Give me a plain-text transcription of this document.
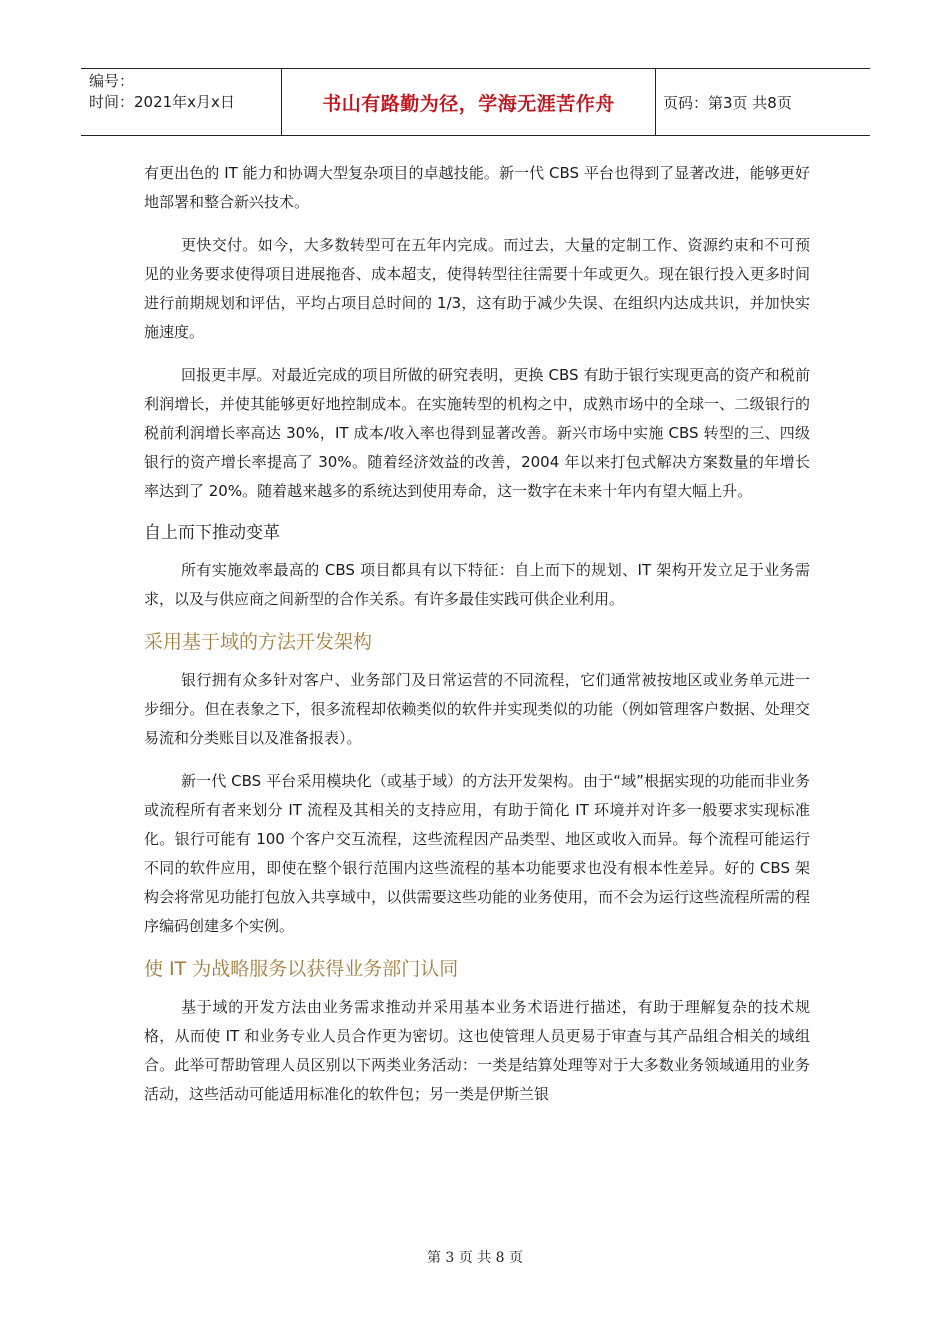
编号：
时间：2021年x月x日	书山有路勤为径，学海无涯苦作舟	页码：第3页 共8页

有更出色的 IT 能力和协调大型复杂项目的卓越技能。新一代 CBS 平台也得到了显著改进，能够更好地部署和整合新兴技术。

更快交付。如今，大多数转型可在五年内完成。而过去，大量的定制工作、资源约束和不可预见的业务要求使得项目进展拖沓、成本超支，使得转型往往需要十年或更久。现在银行投入更多时间进行前期规划和评估，平均占项目总时间的 1/3，这有助于减少失误、在组织内达成共识，并加快实施速度。

回报更丰厚。对最近完成的项目所做的研究表明，更换 CBS 有助于银行实现更高的资产和税前利润增长，并使其能够更好地控制成本。在实施转型的机构之中，成熟市场中的全球一、二级银行的税前利润增长率高达 30%，IT 成本/收入率也得到显著改善。新兴市场中实施 CBS 转型的三、四级银行的资产增长率提高了 30%。随着经济效益的改善，2004 年以来打包式解决方案数量的年增长率达到了 20%。随着越来越多的系统达到使用寿命，这一数字在未来十年内有望大幅上升。

自上而下推动变革

所有实施效率最高的 CBS 项目都具有以下特征：自上而下的规划、IT 架构开发立足于业务需求，以及与供应商之间新型的合作关系。有许多最佳实践可供企业利用。

采用基于域的方法开发架构

银行拥有众多针对客户、业务部门及日常运营的不同流程，它们通常被按地区或业务单元进一步细分。但在表象之下，很多流程却依赖类似的软件并实现类似的功能（例如管理客户数据、处理交易流和分类账目以及准备报表）。

新一代 CBS 平台采用模块化（或基于域）的方法开发架构。由于“域”根据实现的功能而非业务或流程所有者来划分 IT 流程及其相关的支持应用，有助于简化 IT 环境并对许多一般要求实现标准化。银行可能有 100 个客户交互流程，这些流程因产品类型、地区或收入而异。每个流程可能运行不同的软件应用，即使在整个银行范围内这些流程的基本功能要求也没有根本性差异。好的 CBS 架构会将常见功能打包放入共享域中，以供需要这些功能的业务使用，而不会为运行这些流程所需的程序编码创建多个实例。

使 IT 为战略服务以获得业务部门认同

基于域的开发方法由业务需求推动并采用基本业务术语进行描述，有助于理解复杂的技术规格，从而使 IT 和业务专业人员合作更为密切。这也使管理人员更易于审查与其产品组合相关的域组合。此举可帮助管理人员区别以下两类业务活动：一类是结算处理等对于大多数业务领域通用的业务活动，这些活动可能适用标准化的软件包；另一类是伊斯兰银

第 3 页 共 8 页
